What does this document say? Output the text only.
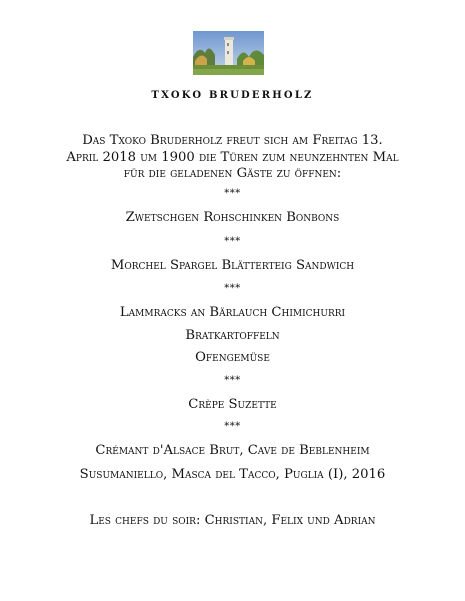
TXOKO BRUDERHOLZ
Das Txoko Bruderholz freut sich am Freitag 13.
April 2018 um 1900 die Türen zum neunzehnten Mal
für die geladenen Gäste zu öffnen:
***
Zwetschgen Rohschinken Bonbons
***
Morchel Spargel Blätterteig Sandwich
***
Lammracks an Bärlauch Chimichurri
Bratkartoffeln
Ofengemüse
***
Crèpe Suzette
***
Crémant d'Alsace Brut, Cave de Beblenheim
Susumaniello, Masca del Tacco, Puglia (I), 2016
Les chefs du soir: Christian, Felix und Adrian
